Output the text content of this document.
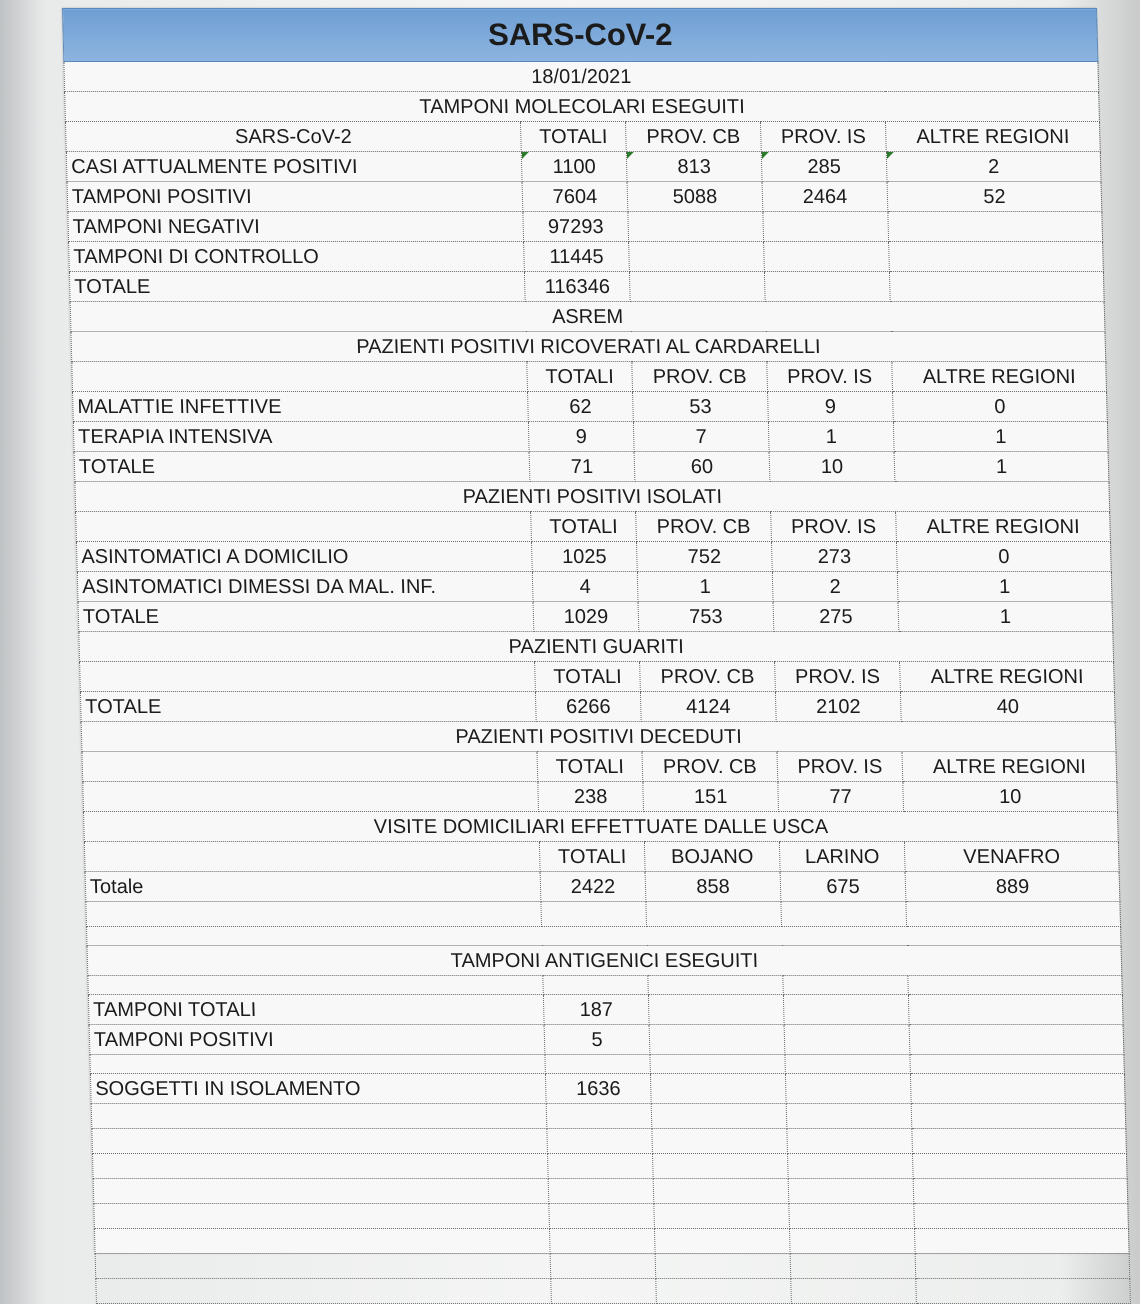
SARS-CoV-2				
18/01/2021				
TAMPONI MOLECOLARI ESEGUITI				
SARS-CoV-2	TOTALI	PROV. CB	PROV. IS	ALTRE REGIONI
CASI ATTUALMENTE POSITIVI	1100	813	285	2
TAMPONI POSITIVI	7604	5088	2464	52
TAMPONI NEGATIVI	97293			
TAMPONI DI CONTROLLO	11445			
TOTALE	116346			
ASREM				
PAZIENTI POSITIVI RICOVERATI AL CARDARELLI				
	TOTALI	PROV. CB	PROV. IS	ALTRE REGIONI
MALATTIE INFETTIVE	62	53	9	0
TERAPIA INTENSIVA	9	7	1	1
TOTALE	71	60	10	1
PAZIENTI POSITIVI ISOLATI				
	TOTALI	PROV. CB	PROV. IS	ALTRE REGIONI
ASINTOMATICI A DOMICILIO	1025	752	273	0
ASINTOMATICI DIMESSI DA MAL. INF.	4	1	2	1
TOTALE	1029	753	275	1
PAZIENTI GUARITI				
	TOTALI	PROV. CB	PROV. IS	ALTRE REGIONI
TOTALE	6266	4124	2102	40
PAZIENTI POSITIVI DECEDUTI				
	TOTALI	PROV. CB	PROV. IS	ALTRE REGIONI
	238	151	77	10
VISITE DOMICILIARI EFFETTUATE DALLE USCA				
	TOTALI	BOJANO	LARINO	VENAFRO
Totale	2422	858	675	889

TAMPONI ANTIGENICI ESEGUITI				

TAMPONI TOTALI	187			
TAMPONI POSITIVI	5			

SOGGETTI IN ISOLAMENTO	1636			
